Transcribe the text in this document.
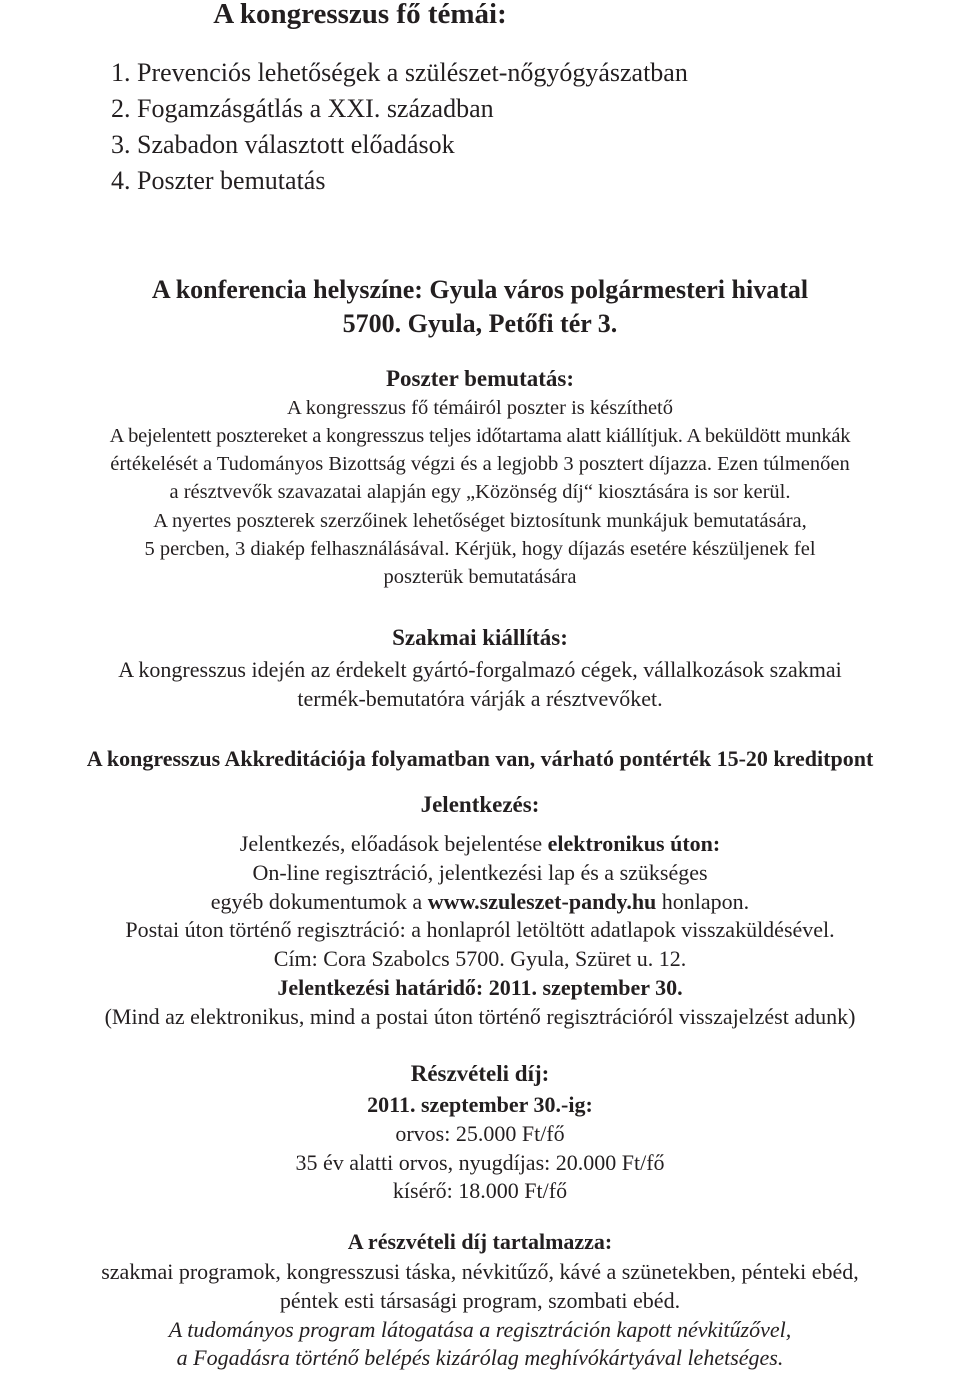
A kongresszus fő témái:
1. Prevenciós lehetőségek a szülészet-nőgyógyászatban
2. Fogamzásgátlás a XXI. században
3. Szabadon választott előadások
4. Poszter bemutatás
A konferencia helyszíne: Gyula város polgármesteri hivatal
5700. Gyula, Petőfi tér 3.
Poszter bemutatás:
A kongresszus fő témáiról poszter is készíthető
A bejelentett posztereket a kongresszus teljes időtartama alatt kiállítjuk. A beküldött munkák
értékelését a Tudományos Bizottság végzi és a legjobb 3 posztert díjazza. Ezen túlmenően
a résztvevők szavazatai alapján egy „Közönség díj“ kiosztására is sor kerül.
A nyertes poszterek szerzőinek lehetőséget biztosítunk munkájuk bemutatására,
5 percben, 3 diakép felhasználásával. Kérjük, hogy díjazás esetére készüljenek fel
poszterük bemutatására
Szakmai kiállítás:
A kongresszus idején az érdekelt gyártó-forgalmazó cégek, vállalkozások szakmai
termék-bemutatóra várják a résztvevőket.
A kongresszus Akkreditációja folyamatban van, várható pontérték 15-20 kreditpont
Jelentkezés:
Jelentkezés, előadások bejelentése elektronikus úton:
On-line regisztráció, jelentkezési lap és a szükséges
egyéb dokumentumok a www.szuleszet-pandy.hu honlapon.
Postai úton történő regisztráció: a honlapról letöltött adatlapok visszaküldésével.
Cím: Cora Szabolcs 5700. Gyula, Szüret u. 12.
Jelentkezési határidő: 2011. szeptember 30.
(Mind az elektronikus, mind a postai úton történő regisztrációról visszajelzést adunk)
Részvételi díj:
2011. szeptember 30.-ig:
orvos: 25.000 Ft/fő
35 év alatti orvos, nyugdíjas: 20.000 Ft/fő
kísérő: 18.000 Ft/fő
A részvételi díj tartalmazza:
szakmai programok, kongresszusi táska, névkitűző, kávé a szünetekben, pénteki ebéd,
péntek esti társasági program, szombati ebéd.
A tudományos program látogatása a regisztráción kapott névkitűzővel,
a Fogadásra történő belépés kizárólag meghívókártyával lehetséges.
